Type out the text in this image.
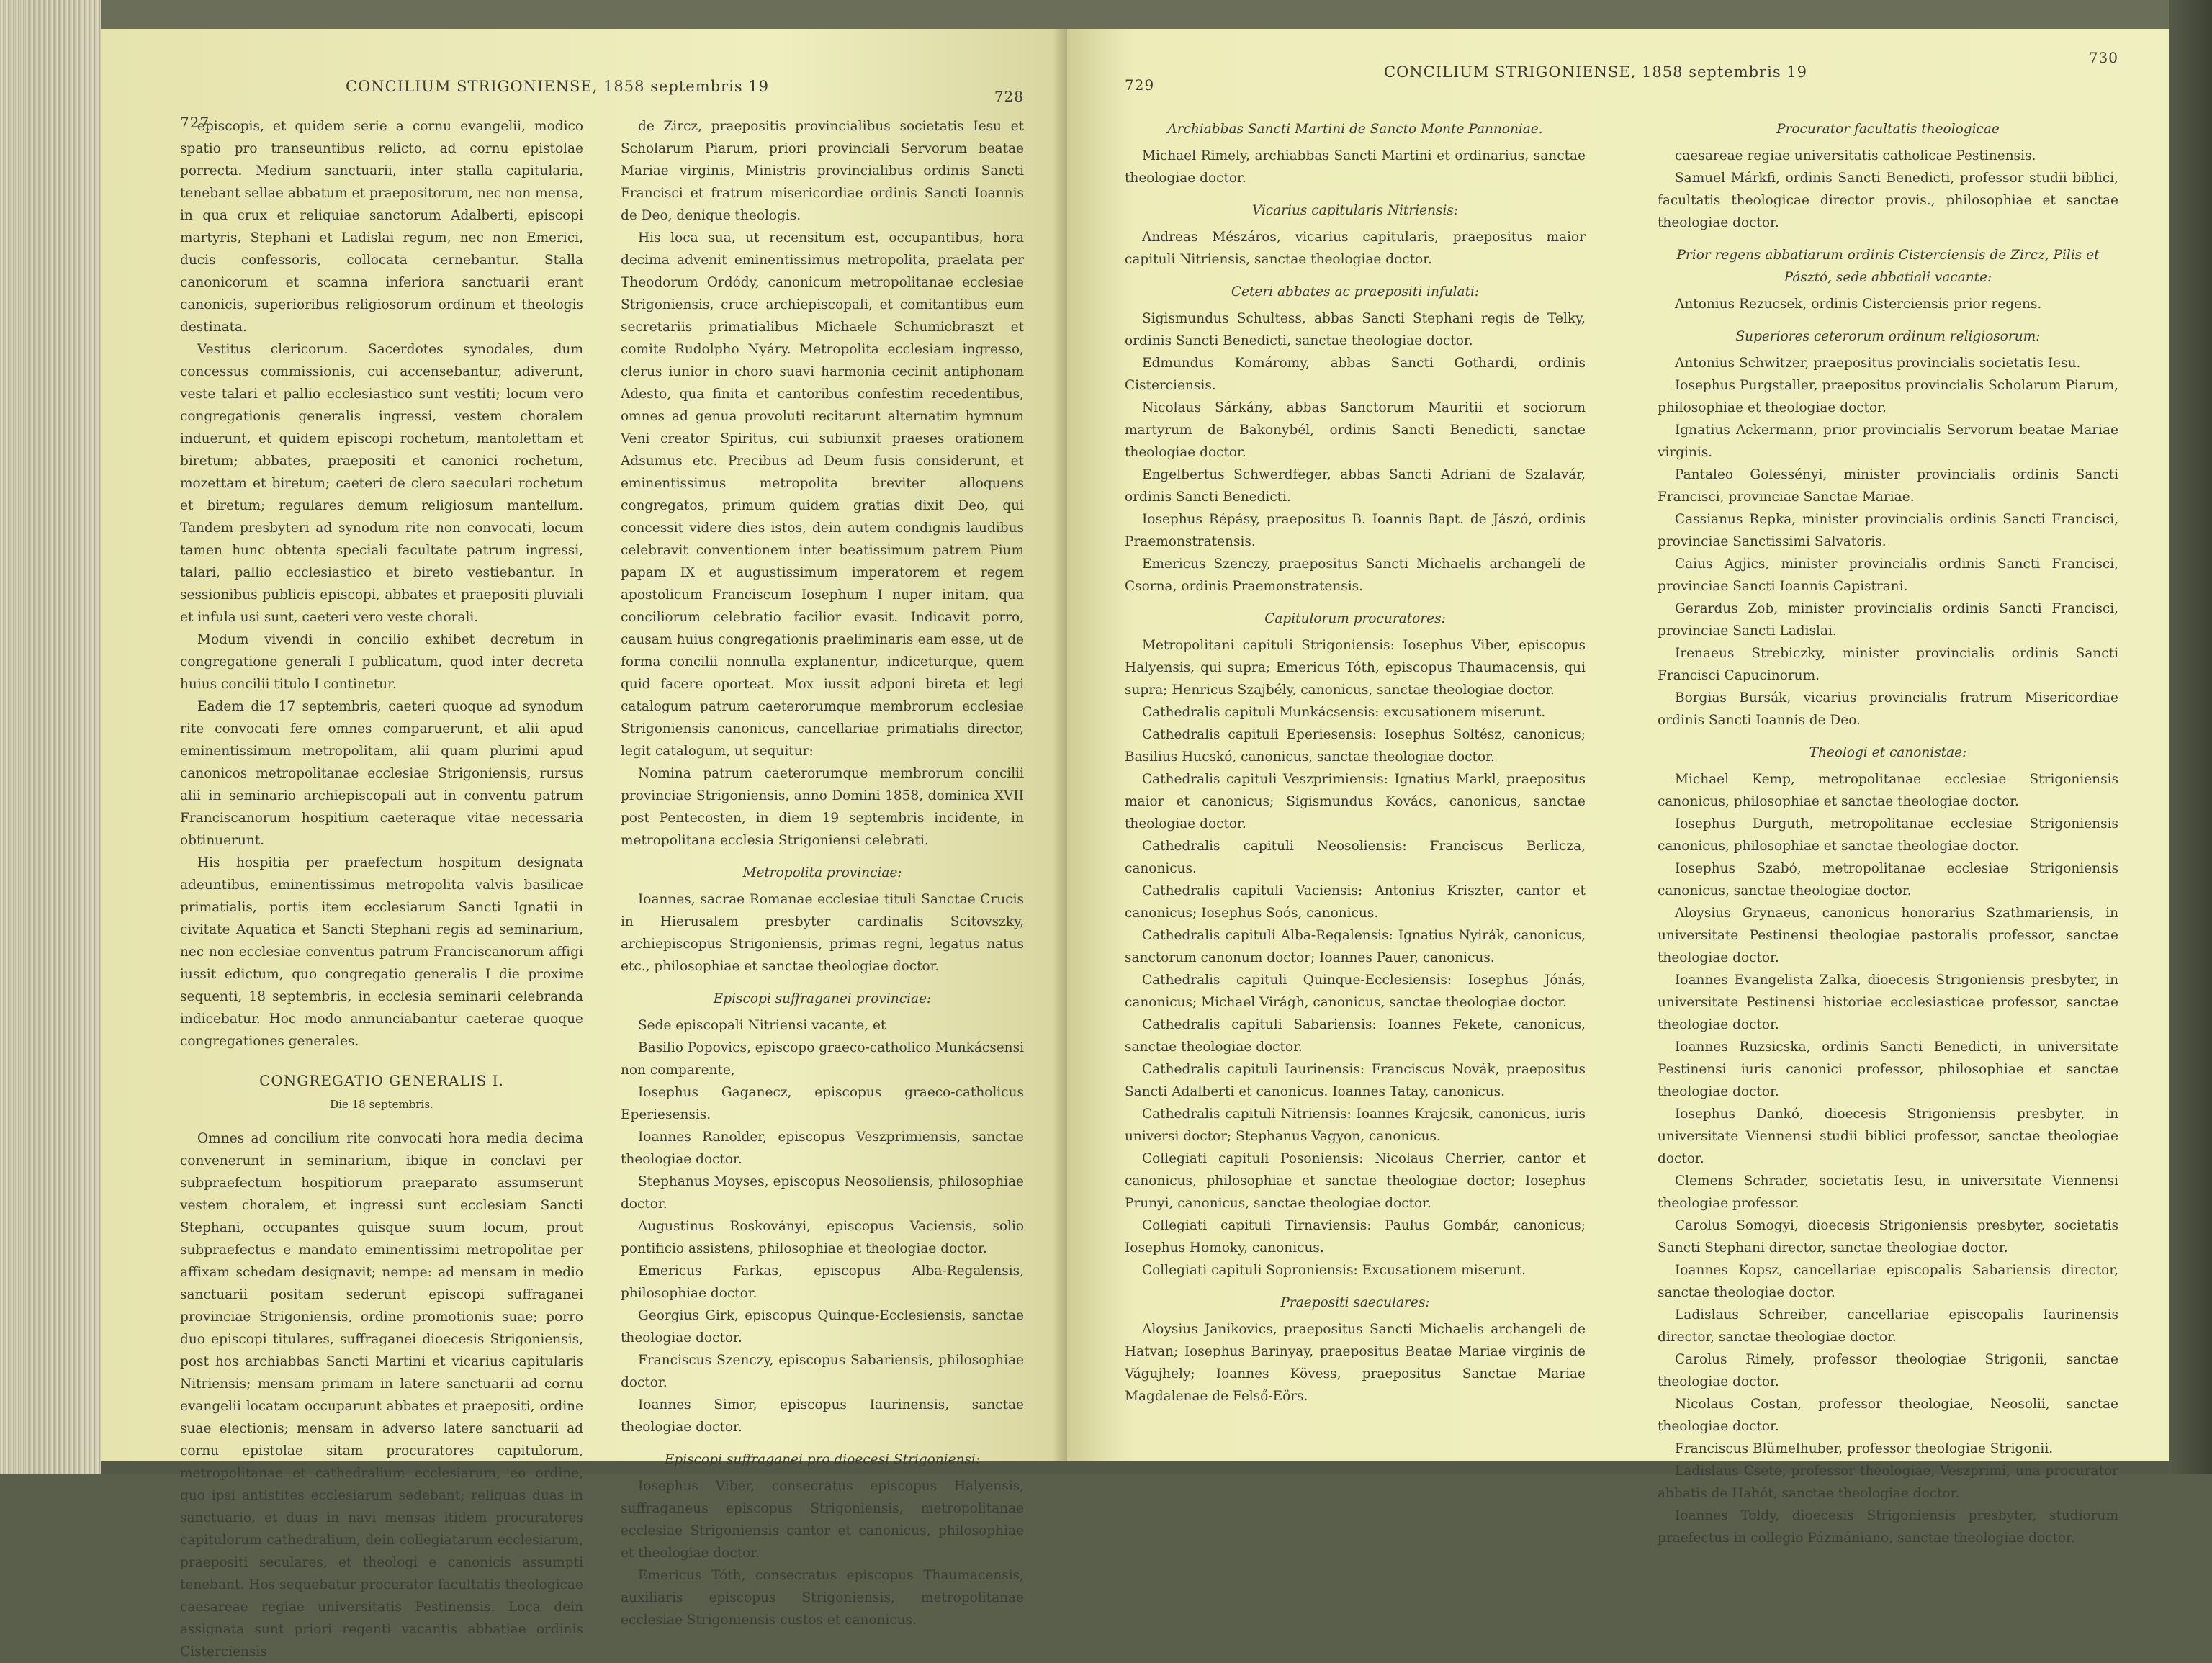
727
CONCILIUM STRIGONIENSE, 1858 septembris 19
728

episcopis, et quidem serie a cornu evangelii, modico spatio pro transeuntibus relicto, ad cornu epistolae porrecta. Medium sanctuarii, inter stalla capitularia, tenebant sellae abbatum et praepositorum, nec non mensa, in qua crux et reliquiae sanctorum Adalberti, episcopi martyris, Stephani et Ladislai regum, nec non Emerici, ducis confessoris, collocata cernebantur. Stalla canonicorum et scamna inferiora sanctuarii erant canonicis, superioribus religiosorum ordinum et theologis destinata.

Vestitus clericorum. Sacerdotes synodales, dum concessus commissionis, cui accensebantur, adiverunt, veste talari et pallio ecclesiastico sunt vestiti; locum vero congregationis generalis ingressi, vestem choralem induerunt, et quidem episcopi rochetum, mantolettam et biretum; abbates, praepositi et canonici rochetum, mozettam et biretum; caeteri de clero saeculari rochetum et biretum; regulares demum religiosum mantellum. Tandem presbyteri ad synodum rite non convocati, locum tamen hunc obtenta speciali facultate patrum ingressi, talari, pallio ecclesiastico et bireto vestiebantur. In sessionibus publicis episcopi, abbates et praepositi pluviali et infula usi sunt, caeteri vero veste chorali.

Modum vivendi in concilio exhibet decretum in congregatione generali I publicatum, quod inter decreta huius concilii titulo I continetur.

Eadem die 17 septembris, caeteri quoque ad synodum rite convocati fere omnes comparuerunt, et alii apud eminentissimum metropolitam, alii quam plurimi apud canonicos metropolitanae ecclesiae Strigoniensis, rursus alii in seminario archiepiscopali aut in conventu patrum Franciscanorum hospitium caeteraque vitae necessaria obtinuerunt.

His hospitia per praefectum hospitum designata adeuntibus, eminentissimus metropolita valvis basilicae primatialis, portis item ecclesiarum Sancti Ignatii in civitate Aquatica et Sancti Stephani regis ad seminarium, nec non ecclesiae conventus patrum Franciscanorum affigi iussit edictum, quo congregatio generalis I die proxime sequenti, 18 septembris, in ecclesia seminarii celebranda indicebatur. Hoc modo annunciabantur caeterae quoque congregationes generales.

CONGREGATIO GENERALIS I.
Die 18 septembris.

Omnes ad concilium rite convocati hora media decima convenerunt in seminarium, ibique in conclavi per subpraefectum hospitiorum praeparato assumserunt vestem choralem, et ingressi sunt ecclesiam Sancti Stephani, occupantes quisque suum locum, prout subpraefectus e mandato eminentissimi metropolitae per affixam schedam designavit; nempe: ad mensam in medio sanctuarii positam sederunt episcopi suffraganei provinciae Strigoniensis, ordine promotionis suae; porro duo episcopi titulares, suffraganei dioecesis Strigoniensis, post hos archiabbas Sancti Martini et vicarius capitularis Nitriensis; mensam primam in latere sanctuarii ad cornu evangelii locatam occuparunt abbates et praepositi, ordine suae electionis; mensam in adverso latere sanctuarii ad cornu epistolae sitam procuratores capitulorum, metropolitanae et cathedralium ecclesiarum, eo ordine, quo ipsi antistites ecclesiarum sedebant; reliquas duas in sanctuario, et duas in navi mensas itidem procuratores capitulorum cathedralium, dein collegiatarum ecclesiarum, praepositi seculares, et theologi e canonicis assumpti tenebant. Hos sequebatur procurator facultatis theologicae caesareae regiae universitatis Pestinensis. Loca dein assignata sunt priori regenti vacantis abbatiae ordinis Cisterciensis

de Zircz, praepositis provincialibus societatis Iesu et Scholarum Piarum, priori provinciali Servorum beatae Mariae virginis, Ministris provincialibus ordinis Sancti Francisci et fratrum misericordiae ordinis Sancti Ioannis de Deo, denique theologis.

His loca sua, ut recensitum est, occupantibus, hora decima advenit eminentissimus metropolita, praelata per Theodorum Ordódy, canonicum metropolitanae ecclesiae Strigoniensis, cruce archiepiscopali, et comitantibus eum secretariis primatialibus Michaele Schumicbraszt et comite Rudolpho Nyáry. Metropolita ecclesiam ingresso, clerus iunior in choro suavi harmonia cecinit antiphonam Adesto, qua finita et cantoribus confestim recedentibus, omnes ad genua provoluti recitarunt alternatim hymnum Veni creator Spiritus, cui subiunxit praeses orationem Adsumus etc. Precibus ad Deum fusis considerunt, et eminentissimus metropolita breviter alloquens congregatos, primum quidem gratias dixit Deo, qui concessit videre dies istos, dein autem condignis laudibus celebravit conventionem inter beatissimum patrem Pium papam IX et augustissimum imperatorem et regem apostolicum Franciscum Iosephum I nuper initam, qua conciliorum celebratio facilior evasit. Indicavit porro, causam huius congregationis praeliminaris eam esse, ut de forma concilii nonnulla explanentur, indiceturque, quem quid facere oporteat. Mox iussit adponi bireta et legi catalogum patrum caeterorumque membrorum ecclesiae Strigoniensis canonicus, cancellariae primatialis director, legit catalogum, ut sequitur:

Nomina patrum caeterorumque membrorum concilii provinciae Strigoniensis, anno Domini 1858, dominica XVII post Pentecosten, in diem 19 septembris incidente, in metropolitana ecclesia Strigoniensi celebrati.

Metropolita provinciae:

Ioannes, sacrae Romanae ecclesiae tituli Sanctae Crucis in Hierusalem presbyter cardinalis Scitovszky, archiepiscopus Strigoniensis, primas regni, legatus natus etc., philosophiae et sanctae theologiae doctor.

Episcopi suffraganei provinciae:

Sede episcopali Nitriensi vacante, et

Basilio Popovics, episcopo graeco-catholico Munkácsensi non comparente,

Iosephus Gaganecz, episcopus graeco-catholicus Eperiesensis.

Ioannes Ranolder, episcopus Veszprimiensis, sanctae theologiae doctor.

Stephanus Moyses, episcopus Neosoliensis, philosophiae doctor.

Augustinus Roskoványi, episcopus Vaciensis, solio pontificio assistens, philosophiae et theologiae doctor.

Emericus Farkas, episcopus Alba-Regalensis, philosophiae doctor.

Georgius Girk, episcopus Quinque-Ecclesiensis, sanctae theologiae doctor.

Franciscus Szenczy, episcopus Sabariensis, philosophiae doctor.

Ioannes Simor, episcopus Iaurinensis, sanctae theologiae doctor.

Episcopi suffraganei pro dioecesi Strigoniensi:

Iosephus Viber, consecratus episcopus Halyensis, suffraganeus episcopus Strigoniensis, metropolitanae ecclesiae Strigoniensis cantor et canonicus, philosophiae et theologiae doctor.

Emericus Tóth, consecratus episcopus Thaumacensis, auxiliaris episcopus Strigoniensis, metropolitanae ecclesiae Strigoniensis custos et canonicus.

729
CONCILIUM STRIGONIENSE, 1858 septembris 19
730
Archiabbas Sancti Martini de Sancto Monte Pannoniae.

Michael Rimely, archiabbas Sancti Martini et ordinarius, sanctae theologiae doctor.

Vicarius capitularis Nitriensis:

Andreas Mészáros, vicarius capitularis, praepositus maior capituli Nitriensis, sanctae theologiae doctor.

Ceteri abbates ac praepositi infulati:

Sigismundus Schultess, abbas Sancti Stephani regis de Telky, ordinis Sancti Benedicti, sanctae theologiae doctor.

Edmundus Komáromy, abbas Sancti Gothardi, ordinis Cisterciensis.

Nicolaus Sárkány, abbas Sanctorum Mauritii et sociorum martyrum de Bakonybél, ordinis Sancti Benedicti, sanctae theologiae doctor.

Engelbertus Schwerdfeger, abbas Sancti Adriani de Szalavár, ordinis Sancti Benedicti.

Iosephus Répásy, praepositus B. Ioannis Bapt. de Jászó, ordinis Praemonstratensis.

Emericus Szenczy, praepositus Sancti Michaelis archangeli de Csorna, ordinis Praemonstratensis.

Capitulorum procuratores:

Metropolitani capituli Strigoniensis: Iosephus Viber, episcopus Halyensis, qui supra; Emericus Tóth, episcopus Thaumacensis, qui supra; Henricus Szajbély, canonicus, sanctae theologiae doctor.

Cathedralis capituli Munkácsensis: excusationem miserunt.

Cathedralis capituli Eperiesensis: Iosephus Soltész, canonicus; Basilius Hucskó, canonicus, sanctae theologiae doctor.

Cathedralis capituli Veszprimiensis: Ignatius Markl, praepositus maior et canonicus; Sigismundus Kovács, canonicus, sanctae theologiae doctor.

Cathedralis capituli Neosoliensis: Franciscus Berlicza, canonicus.

Cathedralis capituli Vaciensis: Antonius Kriszter, cantor et canonicus; Iosephus Soós, canonicus.

Cathedralis capituli Alba-Regalensis: Ignatius Nyirák, canonicus, sanctorum canonum doctor; Ioannes Pauer, canonicus.

Cathedralis capituli Quinque-Ecclesiensis: Iosephus Jónás, canonicus; Michael Virágh, canonicus, sanctae theologiae doctor.

Cathedralis capituli Sabariensis: Ioannes Fekete, canonicus, sanctae theologiae doctor.

Cathedralis capituli Iaurinensis: Franciscus Novák, praepositus Sancti Adalberti et canonicus. Ioannes Tatay, canonicus.

Cathedralis capituli Nitriensis: Ioannes Krajcsik, canonicus, iuris universi doctor; Stephanus Vagyon, canonicus.

Collegiati capituli Posoniensis: Nicolaus Cherrier, cantor et canonicus, philosophiae et sanctae theologiae doctor; Iosephus Prunyi, canonicus, sanctae theologiae doctor.

Collegiati capituli Tirnaviensis: Paulus Gombár, canonicus; Iosephus Homoky, canonicus.

Collegiati capituli Soproniensis: Excusationem miserunt.

Praepositi saeculares:

Aloysius Janikovics, praepositus Sancti Michaelis archangeli de Hatvan; Iosephus Barinyay, praepositus Beatae Mariae virginis de Vágujhely; Ioannes Kövess, praepositus Sanctae Mariae Magdalenae de Felső-Eörs.

Procurator facultatis theologicae

caesareae regiae universitatis catholicae Pestinensis.

Samuel Márkfi, ordinis Sancti Benedicti, professor studii biblici, facultatis theologicae director provis., philosophiae et sanctae theologiae doctor.

Prior regens abbatiarum ordinis Cisterciensis de Zircz, Pilis et Pásztó, sede abbatiali vacante:

Antonius Rezucsek, ordinis Cisterciensis prior regens.

Superiores ceterorum ordinum religiosorum:

Antonius Schwitzer, praepositus provincialis societatis Iesu.

Iosephus Purgstaller, praepositus provincialis Scholarum Piarum, philosophiae et theologiae doctor.

Ignatius Ackermann, prior provincialis Servorum beatae Mariae virginis.

Pantaleo Golessényi, minister provincialis ordinis Sancti Francisci, provinciae Sanctae Mariae.

Cassianus Repka, minister provincialis ordinis Sancti Francisci, provinciae Sanctissimi Salvatoris.

Caius Agjics, minister provincialis ordinis Sancti Francisci, provinciae Sancti Ioannis Capistrani.

Gerardus Zob, minister provincialis ordinis Sancti Francisci, provinciae Sancti Ladislai.

Irenaeus Strebiczky, minister provincialis ordinis Sancti Francisci Capucinorum.

Borgias Bursák, vicarius provincialis fratrum Misericordiae ordinis Sancti Ioannis de Deo.

Theologi et canonistae:

Michael Kemp, metropolitanae ecclesiae Strigoniensis canonicus, philosophiae et sanctae theologiae doctor.

Iosephus Durguth, metropolitanae ecclesiae Strigoniensis canonicus, philosophiae et sanctae theologiae doctor.

Iosephus Szabó, metropolitanae ecclesiae Strigoniensis canonicus, sanctae theologiae doctor.

Aloysius Grynaeus, canonicus honorarius Szathmariensis, in universitate Pestinensi theologiae pastoralis professor, sanctae theologiae doctor.

Ioannes Evangelista Zalka, dioecesis Strigoniensis presbyter, in universitate Pestinensi historiae ecclesiasticae professor, sanctae theologiae doctor.

Ioannes Ruzsicska, ordinis Sancti Benedicti, in universitate Pestinensi iuris canonici professor, philosophiae et sanctae theologiae doctor.

Iosephus Dankó, dioecesis Strigoniensis presbyter, in universitate Viennensi studii biblici professor, sanctae theologiae doctor.

Clemens Schrader, societatis Iesu, in universitate Viennensi theologiae professor.

Carolus Somogyi, dioecesis Strigoniensis presbyter, societatis Sancti Stephani director, sanctae theologiae doctor.

Ioannes Kopsz, cancellariae episcopalis Sabariensis director, sanctae theologiae doctor.

Ladislaus Schreiber, cancellariae episcopalis Iaurinensis director, sanctae theologiae doctor.

Carolus Rimely, professor theologiae Strigonii, sanctae theologiae doctor.

Nicolaus Costan, professor theologiae, Neosolii, sanctae theologiae doctor.

Franciscus Blümelhuber, professor theologiae Strigonii.

Ladislaus Csete, professor theologiae, Veszprimi, una procurator abbatis de Hahót, sanctae theologiae doctor.

Ioannes Toldy, dioecesis Strigoniensis presbyter, studiorum praefectus in collegio Pázmániano, sanctae theologiae doctor.
